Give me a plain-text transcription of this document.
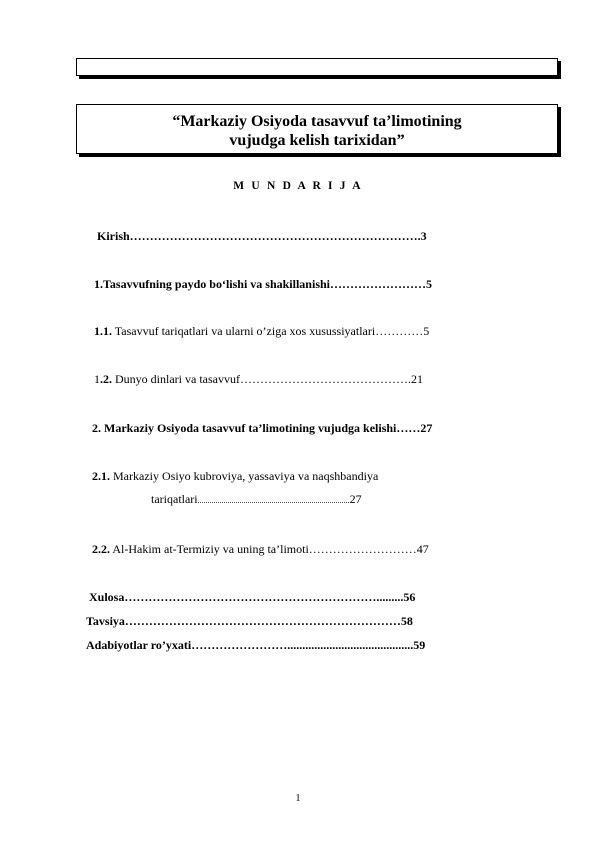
“Markaziy Osiyoda tasavvuf ta’limotining
vujudga kelish tarixidan”
M U N D A R I J A
Kirish……………………………………………………………….3
1.Tasavvufning paydo bo‘lishi va shakillanishi……………………5
1.1. Tasavvuf tariqatlari va ularni o’ziga xos xusussiyatlari…………5
1.2. Dunyo dinlari va tasavvuf…………………………………….21
2. Markaziy Osiyoda tasavvuf ta’limotining vujudga kelishi……27
2.1. Markaziy Osiyo kubroviya, yassaviya va naqshbandiya
tariqatlari............................................................................27
2.2. Al-Hakim at-Termiziy va uning ta’limoti………………………47
Xulosa……………………………………………………….........56
Tavsiya……………………………………………………………58
Adabiyotlar ro’yxati……………………..........................................59
1
